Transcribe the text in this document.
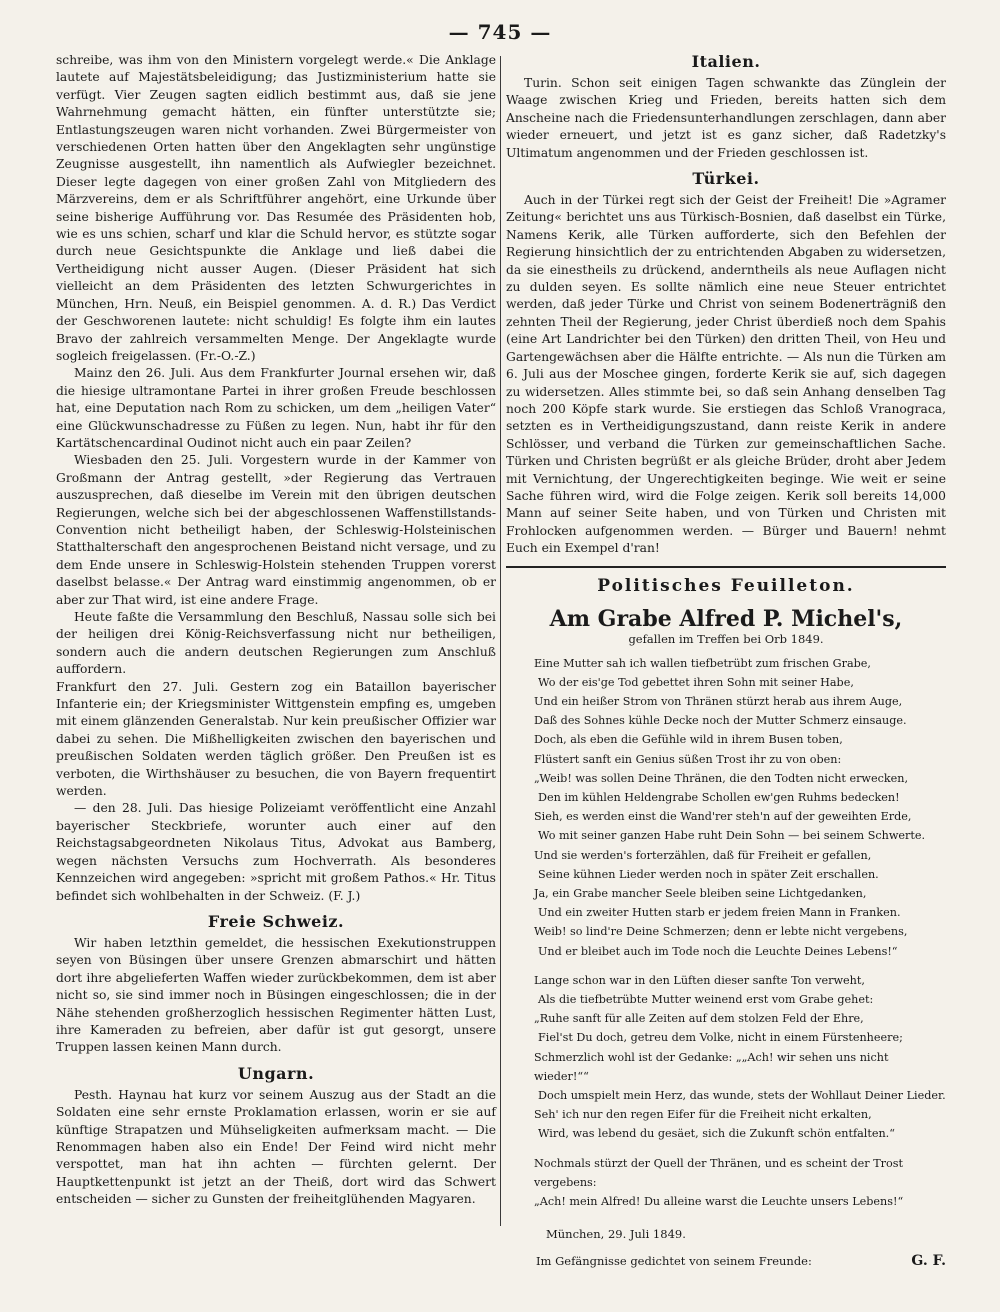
— 745 —

schreibe, was ihm von den Ministern vorgelegt werde.« Die Anklage lautete auf Majestätsbeleidigung; das Justizministerium hatte sie verfügt. Vier Zeugen sagten eidlich bestimmt aus, daß sie jene Wahrnehmung gemacht hätten, ein fünfter unterstützte sie; Entlastungszeugen waren nicht vorhanden. Zwei Bürgermeister von verschiedenen Orten hatten über den Angeklagten sehr ungünstige Zeugnisse ausgestellt, ihn namentlich als Aufwiegler bezeichnet. Dieser legte dagegen von einer großen Zahl von Mitgliedern des Märzvereins, dem er als Schriftführer angehört, eine Urkunde über seine bisherige Aufführung vor. Das Resumée des Präsidenten hob, wie es uns schien, scharf und klar die Schuld hervor, es stützte sogar durch neue Gesichtspunkte die Anklage und ließ dabei die Vertheidigung nicht ausser Augen. (Dieser Präsident hat sich vielleicht an dem Präsidenten des letzten Schwurgerichtes in München, Hrn. Neuß, ein Beispiel genommen. A. d. R.) Das Verdict der Geschworenen lautete: nicht schuldig! Es folgte ihm ein lautes Bravo der zahlreich versammelten Menge. Der Angeklagte wurde sogleich freigelassen. (Fr.-O.-Z.)

Mainz den 26. Juli. Aus dem Frankfurter Journal ersehen wir, daß die hiesige ultramontane Partei in ihrer großen Freude beschlossen hat, eine Deputation nach Rom zu schicken, um dem „heiligen Vater“ eine Glückwunschadresse zu Füßen zu legen. Nun, habt ihr für den Kartätschencardinal Oudinot nicht auch ein paar Zeilen?

Wiesbaden den 25. Juli. Vorgestern wurde in der Kammer von Großmann der Antrag gestellt, »der Regierung das Vertrauen auszusprechen, daß dieselbe im Verein mit den übrigen deutschen Regierungen, welche sich bei der abgeschlossenen Waffenstillstands-Convention nicht betheiligt haben, der Schleswig-Holsteinischen Statthalterschaft den angesprochenen Beistand nicht versage, und zu dem Ende unsere in Schleswig-Holstein stehenden Truppen vorerst daselbst belasse.« Der Antrag ward einstimmig angenommen, ob er aber zur That wird, ist eine andere Frage.

Heute faßte die Versammlung den Beschluß, Nassau solle sich bei der heiligen drei König-Reichsverfassung nicht nur betheiligen, sondern auch die andern deutschen Regierungen zum Anschluß auffordern.

Frankfurt den 27. Juli. Gestern zog ein Bataillon bayerischer Infanterie ein; der Kriegsminister Wittgenstein empfing es, umgeben mit einem glänzenden Generalstab. Nur kein preußischer Offizier war dabei zu sehen. Die Mißhelligkeiten zwischen den bayerischen und preußischen Soldaten werden täglich größer. Den Preußen ist es verboten, die Wirthshäuser zu besuchen, die von Bayern frequentirt werden.

— den 28. Juli. Das hiesige Polizeiamt veröffentlicht eine Anzahl bayerischer Steckbriefe, worunter auch einer auf den Reichstagsabgeordneten Nikolaus Titus, Advokat aus Bamberg, wegen nächsten Versuchs zum Hochverrath. Als besonderes Kennzeichen wird angegeben: »spricht mit großem Pathos.« Hr. Titus befindet sich wohlbehalten in der Schweiz. (F. J.)

Freie Schweiz.

Wir haben letzthin gemeldet, die hessischen Exekutionstruppen seyen von Büsingen über unsere Grenzen abmarschirt und hätten dort ihre abgelieferten Waffen wieder zurückbekommen, dem ist aber nicht so, sie sind immer noch in Büsingen eingeschlossen; die in der Nähe stehenden großherzoglich hessischen Regimenter hätten Lust, ihre Kameraden zu befreien, aber dafür ist gut gesorgt, unsere Truppen lassen keinen Mann durch.

Ungarn.

Pesth. Haynau hat kurz vor seinem Auszug aus der Stadt an die Soldaten eine sehr ernste Proklamation erlassen, worin er sie auf künftige Strapatzen und Mühseligkeiten aufmerksam macht. — Die Renommagen haben also ein Ende! Der Feind wird nicht mehr verspottet, man hat ihn achten — fürchten gelernt. Der Hauptkettenpunkt ist jetzt an der Theiß, dort wird das Schwert entscheiden — sicher zu Gunsten der freiheitglühenden Magyaren.

Italien.

Turin. Schon seit einigen Tagen schwankte das Zünglein der Waage zwischen Krieg und Frieden, bereits hatten sich dem Anscheine nach die Friedensunterhandlungen zerschlagen, dann aber wieder erneuert, und jetzt ist es ganz sicher, daß Radetzky's Ultimatum angenommen und der Frieden geschlossen ist.

Türkei.

Auch in der Türkei regt sich der Geist der Freiheit! Die »Agramer Zeitung« berichtet uns aus Türkisch-Bosnien, daß daselbst ein Türke, Namens Kerik, alle Türken aufforderte, sich den Befehlen der Regierung hinsichtlich der zu entrichtenden Abgaben zu widersetzen, da sie einestheils zu drückend, anderntheils als neue Auflagen nicht zu dulden seyen. Es sollte nämlich eine neue Steuer entrichtet werden, daß jeder Türke und Christ von seinem Bodenerträgniß den zehnten Theil der Regierung, jeder Christ überdieß noch dem Spahis (eine Art Landrichter bei den Türken) den dritten Theil, von Heu und Gartengewächsen aber die Hälfte entrichte. — Als nun die Türken am 6. Juli aus der Moschee gingen, forderte Kerik sie auf, sich dagegen zu widersetzen. Alles stimmte bei, so daß sein Anhang denselben Tag noch 200 Köpfe stark wurde. Sie erstiegen das Schloß Vranograca, setzten es in Vertheidigungszustand, dann reiste Kerik in andere Schlösser, und verband die Türken zur gemeinschaftlichen Sache. Türken und Christen begrüßt er als gleiche Brüder, droht aber Jedem mit Vernichtung, der Ungerechtigkeiten beginge. Wie weit er seine Sache führen wird, wird die Folge zeigen. Kerik soll bereits 14,000 Mann auf seiner Seite haben, und von Türken und Christen mit Frohlocken aufgenommen werden. — Bürger und Bauern! nehmt Euch ein Exempel d'ran!

Politisches Feuilleton.
Am Grabe Alfred P. Michel's,
gefallen im Treffen bei Orb 1849.
Eine Mutter sah ich wallen tiefbetrübt zum frischen Grabe,
Wo der eis'ge Tod gebettet ihren Sohn mit seiner Habe,
Und ein heißer Strom von Thränen stürzt herab aus ihrem Auge,
Daß des Sohnes kühle Decke noch der Mutter Schmerz einsauge.
Doch, als eben die Gefühle wild in ihrem Busen toben,
Flüstert sanft ein Genius süßen Trost ihr zu von oben:
„Weib! was sollen Deine Thränen, die den Todten nicht erwecken,
Den im kühlen Heldengrabe Schollen ew'gen Ruhms bedecken!
Sieh, es werden einst die Wand'rer steh'n auf der geweihten Erde,
Wo mit seiner ganzen Habe ruht Dein Sohn — bei seinem Schwerte.
Und sie werden's forterzählen, daß für Freiheit er gefallen,
Seine kühnen Lieder werden noch in später Zeit erschallen.
Ja, ein Grabe mancher Seele bleiben seine Lichtgedanken,
Und ein zweiter Hutten starb er jedem freien Mann in Franken.
Weib! so lind're Deine Schmerzen; denn er lebte nicht vergebens,
Und er bleibet auch im Tode noch die Leuchte Deines Lebens!“
Lange schon war in den Lüften dieser sanfte Ton verweht,
Als die tiefbetrübte Mutter weinend erst vom Grabe gehet:
„Ruhe sanft für alle Zeiten auf dem stolzen Feld der Ehre,
Fiel'st Du doch, getreu dem Volke, nicht in einem Fürstenheere;
Schmerzlich wohl ist der Gedanke: „„Ach! wir sehen uns nicht wieder!““
Doch umspielt mein Herz, das wunde, stets der Wohllaut Deiner Lieder.
Seh' ich nur den regen Eifer für die Freiheit nicht erkalten,
Wird, was lebend du gesäet, sich die Zukunft schön entfalten.“
Nochmals stürzt der Quell der Thränen, und es scheint der Trost vergebens:
„Ach! mein Alfred! Du alleine warst die Leuchte unsers Lebens!“
München, 29. Juli 1849.
Im Gefängnisse gedichtet von seinem Freunde:	G. F.
